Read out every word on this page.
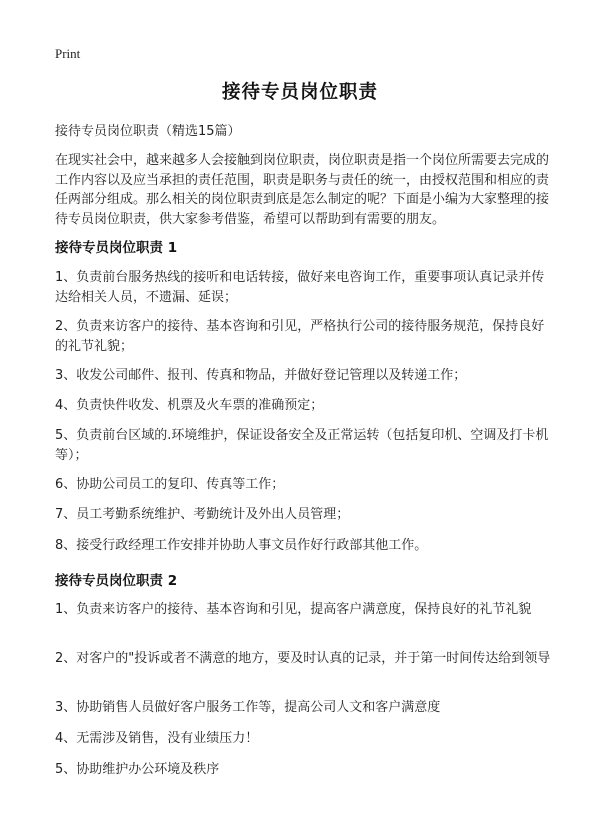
Print
接待专员岗位职责
接待专员岗位职责（精选15篇）
在现实社会中，越来越多人会接触到岗位职责，岗位职责是指一个岗位所需要去完成的工作内容以及应当承担的责任范围，职责是职务与责任的统一，由授权范围和相应的责任两部分组成。那么相关的岗位职责到底是怎么制定的呢？下面是小编为大家整理的接待专员岗位职责，供大家参考借鉴，希望可以帮助到有需要的朋友。
接待专员岗位职责 1
1、负责前台服务热线的接听和电话转接，做好来电咨询工作，重要事项认真记录并传达给相关人员，不遗漏、延误；
2、负责来访客户的接待、基本咨询和引见，严格执行公司的接待服务规范，保持良好的礼节礼貌；
3、收发公司邮件、报刊、传真和物品，并做好登记管理以及转递工作；
4、负责快件收发、机票及火车票的准确预定；
5、负责前台区域的.环境维护，保证设备安全及正常运转（包括复印机、空调及打卡机等）；
6、协助公司员工的复印、传真等工作；
7、员工考勤系统维护、考勤统计及外出人员管理；
8、接受行政经理工作安排并协助人事文员作好行政部其他工作。
接待专员岗位职责 2
1、负责来访客户的接待、基本咨询和引见，提高客户满意度，保持良好的礼节礼貌
2、对客户的"投诉或者不满意的地方，要及时认真的记录，并于第一时间传达给到领导
3、协助销售人员做好客户服务工作等，提高公司人文和客户满意度
4、无需涉及销售，没有业绩压力！
5、协助维护办公环境及秩序
